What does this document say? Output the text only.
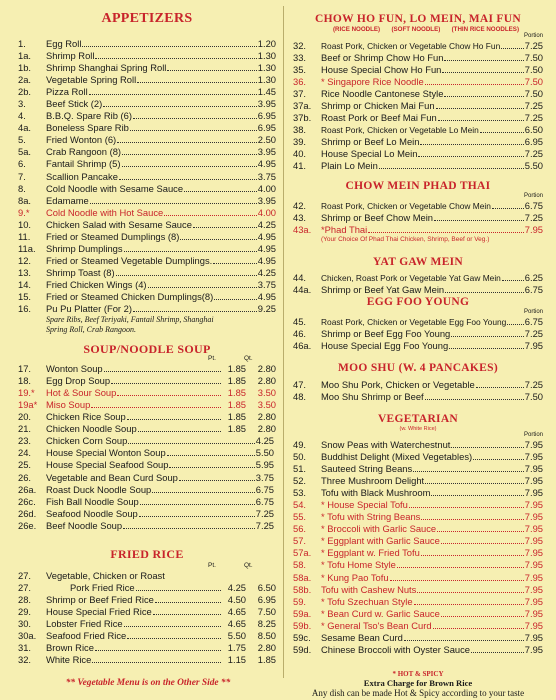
APPETIZERS
1.	Egg Roll	1.20
1a.	Shrimp Roll	1.30
1b.	Shrimp Shanghai Spring Roll	1.30
2a.	Vegetable Spring Roll	1.30
2b.	Pizza Roll	1.45
3.	Beef Stick (2)	3.95
4.	B.B.Q. Spare Rib (6)	6.95
4a.	Boneless Spare Rib	6.95
5.	Fried Wonton (6)	2.50
5a.	Crab Rangoon (8)	3.95
6.	Fantail Shrimp (5)	4.95
7.	Scallion Pancake	3.75
8.	Cold Noodle with Sesame Sauce	4.00
8a.	Edamame	3.95
9.*	Cold Noodle with Hot Sauce	4.00
10.	Chicken Salad with Sesame Sauce	4.25
11.	Fried or Steamed Dumplings (8)	4.95
11a.	Shrimp Dumplings	4.95
12.	Fried or Steamed Vegetable Dumplings.	4.95
13.	Shrimp Toast (8)	4.25
14.	Fried Chicken Wings (4)	3.75
15.	Fried or Steamed Chicken Dumplings(8)	4.95
16.	Pu Pu Platter (For 2)	9.25
Spare Ribs, Beef Teriyaki, Fantail Shrimp, Shanghai
Spring Roll, Crab Rangoon.
SOUP/NOODLE SOUP
Pt.	Qt.
17.	Wonton Soup	1.85	2.80
18.	Egg Drop Soup	1.85	2.80
19.*	Hot & Sour Soup	1.85	3.50
19a* Miso Soup	1.85	3.50
20.	Chicken Rice Soup	1.85	2.80
21.	Chicken Noodle Soup	1.85	2.80
23.	Chicken Corn Soup	4.25
24.	House Special Wonton Soup	5.50
25.	House Special Seafood Soup	5.95
26.	Vegetable and Bean Curd Soup	3.75
26a.	Roast Duck Noodle Soup	6.75
26c.	Fish Ball Noodle Soup	6.75
26d.	Seafood Noodle Soup	7.25
26e.	Beef Noodle Soup	7.25
FRIED RICE
Pt.	Qt.
27.	Vegetable, Chicken or Roast
27.	Pork Fried Rice	4.25	6.50
28.	Shrimp or Beef Fried Rice	4.50	6.95
29.	House Special Fried Rice	4.65	7.50
30.	Lobster Fried Rice	4.65	8.25
30a.	Seafood Fried Rice	5.50	8.50
31.	Brown Rice	1.75	2.80
32.	White Rice	1.15	1.85
** Vegetable Menu is on the Other Side **
CHOW HO FUN, LO MEIN, MAI FUN
(RICE NOODLE) (SOFT NOODLE) (THIN RICE NOODLES)
Portion
32.	Roast Pork, Chicken or Vegetable Chow Ho Fun	7.25
33.	Beef or Shrimp Chow Ho Fun	7.50
35.	House Special Chow Ho Fun	7.50
36.	* Singapore Rice Noodle	7.50
37.	Rice Noodle Cantonese Style	7.50
37a.	Shrimp or Chicken Mai Fun	7.25
37b.	Roast Pork or Beef Mai Fun	7.25
38.	Roast Pork, Chicken or Vegetable Lo Mein	6.50
39.	Shrimp or Beef Lo Mein	6.95
40.	House Special Lo Mein	7.25
41.	Plain Lo Mein	5.50
CHOW MEIN PHAD THAI
Portion
42.	Roast Pork, Chicken or Vegetable Chow Mein	6.75
43.	Shrimp or Beef Chow Mein	7.25
43a.	*Phad Thai	7.95
(Your Choice Of Phad Thai Chicken, Shrimp, Beef or Veg.)
YAT GAW MEIN
44.	Chicken, Roast Pork or Vegetable Yat Gaw Mein	6.25
44a.	Shrimp or Beef Yat Gaw Mein	6.75
EGG FOO YOUNG
Portion
45.	Roast Pork, Chicken or Vegetable Egg Foo Young 6.75
46.	Shrimp or Beef Egg Foo Young	7.25
46a.	House Special Egg Foo Young	7.95
MOO SHU (W. 4 PANCAKES)
47.	Moo Shu Pork, Chicken or Vegetable	7.25
48.	Moo Shu Shrimp or Beef	7.50
VEGETARIAN
(w. White Rice)
Portion
49.	Snow Peas with Waterchestnut	7.95
50.	Buddhist Delight (Mixed Vegetables)	7.95
51.	Sauteed String Beans	7.95
52.	Three Mushroom Delight	7.95
53.	Tofu with Black Mushroom	7.95
54.	* House Special Tofu	7.95
55.	* Tofu with String Beans	7.95
56.	* Broccoli with Garlic Sauce	7.95
57.	* Eggplant with Garlic Sauce	7.95
57a.	* Eggplant w. Fried Tofu	7.95
58.	* Tofu Home Style	7.95
58a.	* Kung Pao Tofu	7.95
58b.	Tofu with Cashew Nuts	7.95
59.	* Tofu Szechuan Style	7.95
59a.	* Bean Curd w. Garlic Sauce	7.95
59b.	* General Tso's Bean Curd	7.95
59c.	Sesame Bean Curd	7.95
59d.	Chinese Broccoli with Oyster Sauce	7.95
* HOT & SPICY
Extra Charge for Brown Rice
Any dish can be made Hot & Spicy according to your taste
